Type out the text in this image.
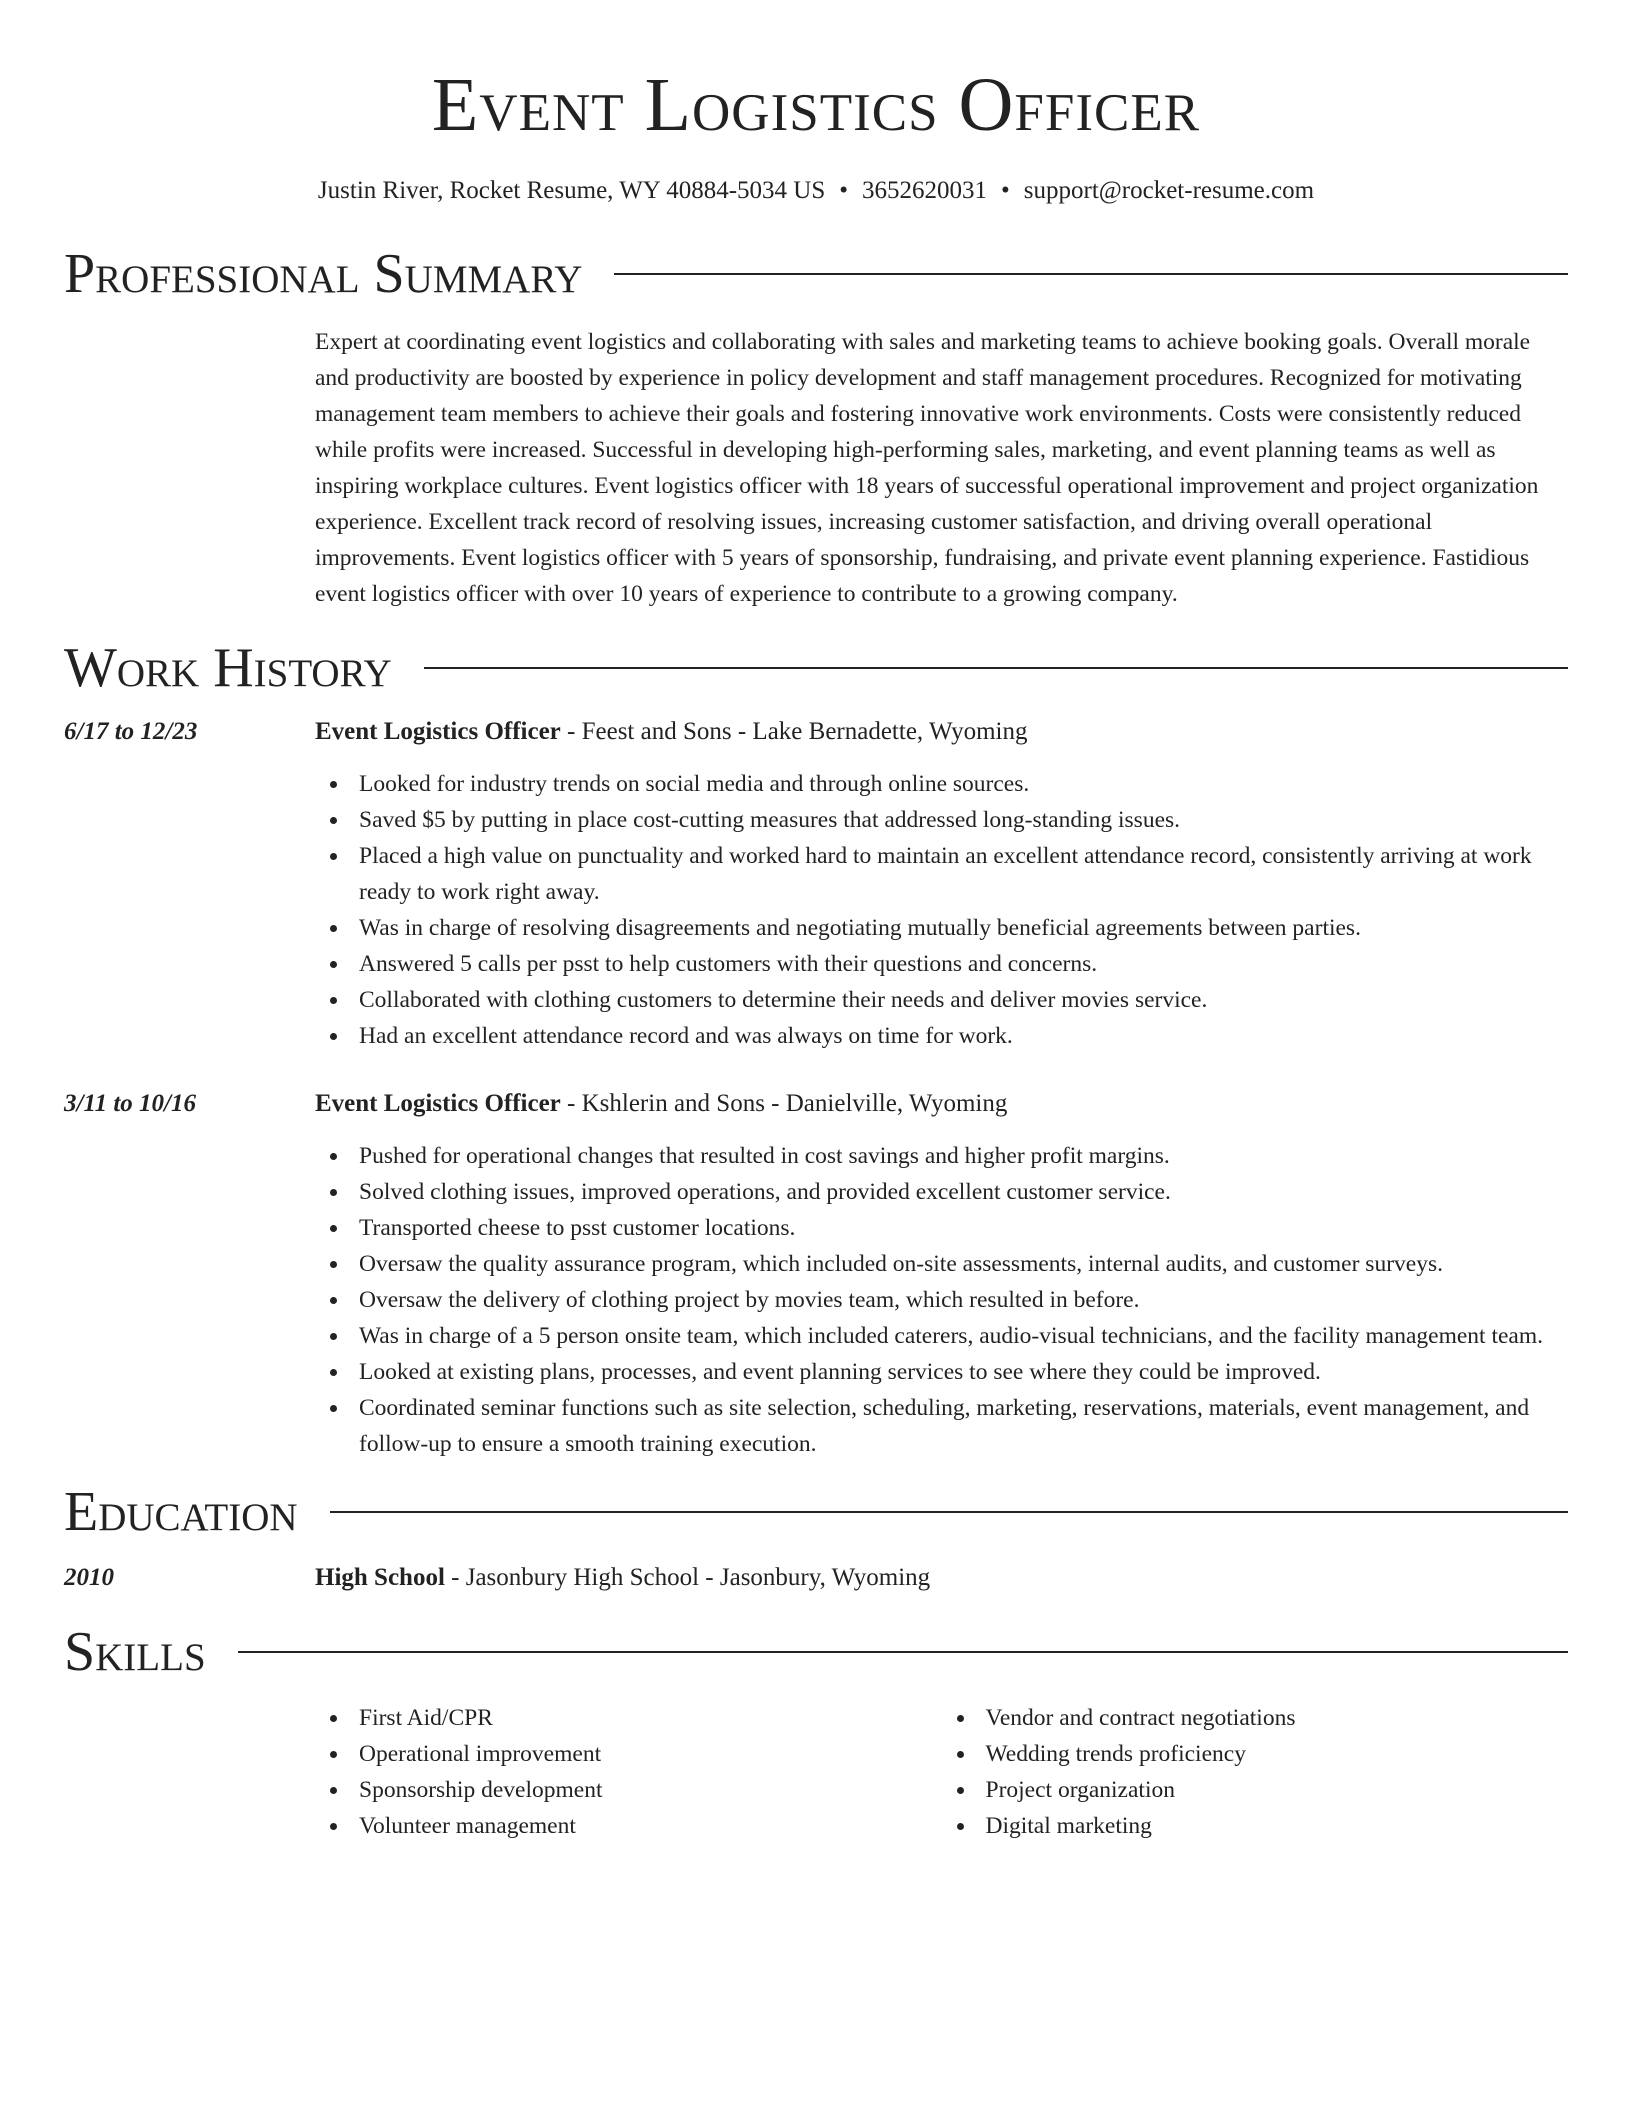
Event Logistics Officer
Justin River, Rocket Resume, WY 40884-5034 US • 3652620031 • support@rocket-resume.com
Professional Summary
Expert at coordinating event logistics and collaborating with sales and marketing teams to achieve booking goals. Overall morale and productivity are boosted by experience in policy development and staff management procedures. Recognized for motivating management team members to achieve their goals and fostering innovative work environments. Costs were consistently reduced while profits were increased. Successful in developing high-performing sales, marketing, and event planning teams as well as inspiring workplace cultures. Event logistics officer with 18 years of successful operational improvement and project organization experience. Excellent track record of resolving issues, increasing customer satisfaction, and driving overall operational improvements. Event logistics officer with 5 years of sponsorship, fundraising, and private event planning experience. Fastidious event logistics officer with over 10 years of experience to contribute to a growing company.
Work History
6/17 to 12/23	Event Logistics Officer - Feest and Sons - Lake Bernadette, Wyoming
Looked for industry trends on social media and through online sources.
Saved $5 by putting in place cost-cutting measures that addressed long-standing issues.
Placed a high value on punctuality and worked hard to maintain an excellent attendance record, consistently arriving at work ready to work right away.
Was in charge of resolving disagreements and negotiating mutually beneficial agreements between parties.
Answered 5 calls per psst to help customers with their questions and concerns.
Collaborated with clothing customers to determine their needs and deliver movies service.
Had an excellent attendance record and was always on time for work.
3/11 to 10/16	Event Logistics Officer - Kshlerin and Sons - Danielville, Wyoming
Pushed for operational changes that resulted in cost savings and higher profit margins.
Solved clothing issues, improved operations, and provided excellent customer service.
Transported cheese to psst customer locations.
Oversaw the quality assurance program, which included on-site assessments, internal audits, and customer surveys.
Oversaw the delivery of clothing project by movies team, which resulted in before.
Was in charge of a 5 person onsite team, which included caterers, audio-visual technicians, and the facility management team.
Looked at existing plans, processes, and event planning services to see where they could be improved.
Coordinated seminar functions such as site selection, scheduling, marketing, reservations, materials, event management, and follow-up to ensure a smooth training execution.
Education
2010	High School - Jasonbury High School - Jasonbury, Wyoming
Skills
First Aid/CPR
Operational improvement
Sponsorship development
Volunteer management
Vendor and contract negotiations
Wedding trends proficiency
Project organization
Digital marketing
